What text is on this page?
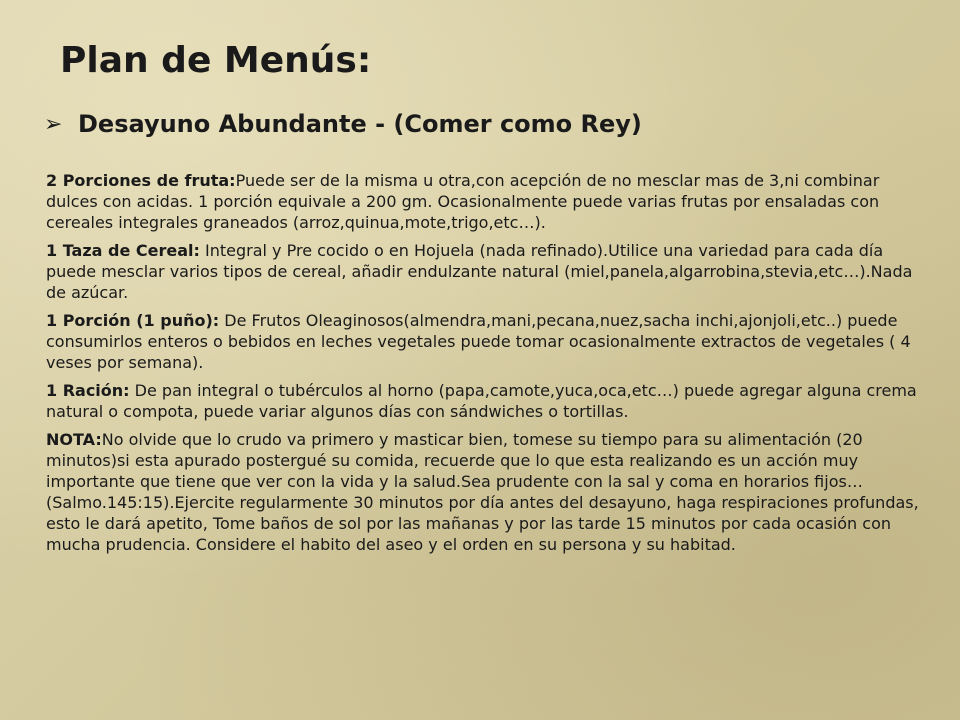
Plan de Menús:
➢ Desayuno Abundante - (Comer como Rey)

2 Porciones de fruta:Puede ser de la misma u otra,con acepción de no mesclar mas de 3,ni combinar dulces con acidas. 1 porción equivale a 200 gm. Ocasionalmente puede varias frutas por ensaladas con cereales integrales graneados (arroz,quinua,mote,trigo,etc…).

1 Taza de Cereal: Integral y Pre cocido o en Hojuela (nada refinado).Utilice una variedad para cada día puede mesclar varios tipos de cereal, añadir endulzante natural (miel,panela,algarrobina,stevia,etc…).Nada de azúcar.

1 Porción (1 puño): De Frutos Oleaginosos(almendra,mani,pecana,nuez,sacha inchi,ajonjoli,etc..) puede consumirlos enteros o bebidos en leches vegetales puede tomar ocasionalmente extractos de vegetales ( 4 veses por semana).

1 Ración: De pan integral o tubérculos al horno (papa,camote,yuca,oca,etc…) puede agregar alguna crema natural o compota, puede variar algunos días con sándwiches o tortillas.

NOTA:No olvide que lo crudo va primero y masticar bien, tomese su tiempo para su alimentación (20 minutos)si esta apurado postergué su comida, recuerde que lo que esta realizando es un acción muy importante que tiene que ver con la vida y la salud.Sea prudente con la sal y coma en horarios fijos…(Salmo.145:15).Ejercite regularmente 30 minutos por día antes del desayuno, haga respiraciones profundas, esto le dará apetito, Tome baños de sol por las mañanas y por las tarde 15 minutos por cada ocasión con mucha prudencia. Considere el habito del aseo y el orden en su persona y su habitad.
